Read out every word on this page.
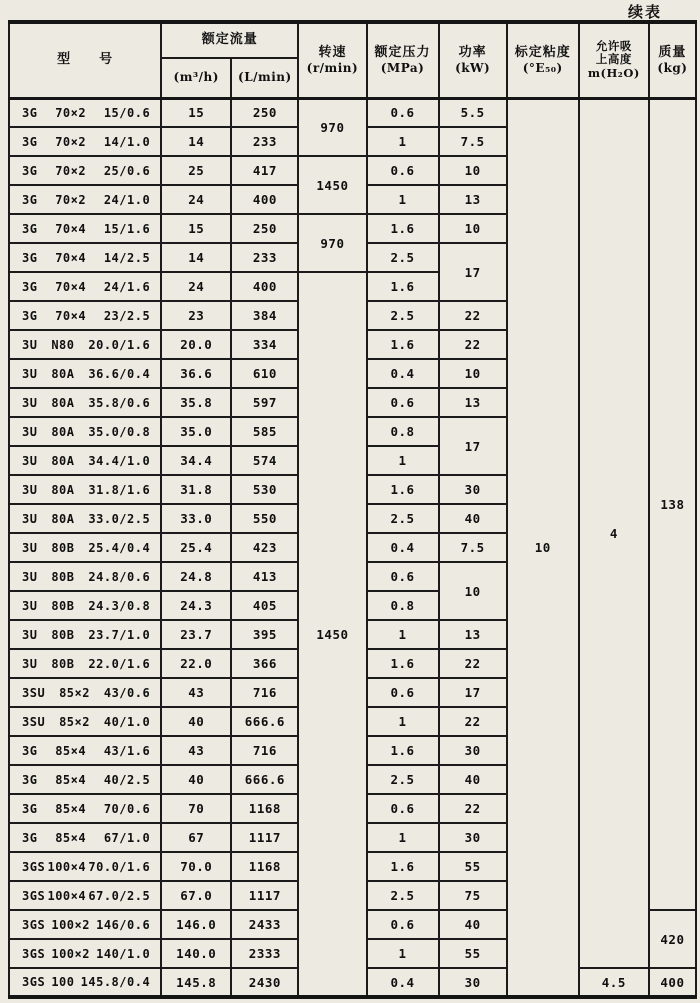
续表
型　　号

额定流量

转速
(r/min)

额定压力
(MPa)

功率
(kW)

标定粘度
(°E₅₀)

允许吸
上高度
m(H₂O)

质量
(kg)

	(m³/h)	(L/min)						

3G 70×2 15/0.6	15	250	970	0.6	5.5	10	4	138

3G 70×2 14/1.0	14	233		1	7.5			

3G 70×2 25/0.6	25	417	1450	0.6	10			

3G 70×2 24/1.0	24	400		1	13			

3G 70×4 15/1.6	15	250	970	1.6	10			

3G 70×4 14/2.5	14	233		2.5	17			

3G 70×4 24/1.6	24	400	1450	1.6				

3G 70×4 23/2.5	23	384		2.5	22			

3U N80 20.0/1.6	20.0	334		1.6	22			

3U 80A 36.6/0.4	36.6	610		0.4	10			

3U 80A 35.8/0.6	35.8	597		0.6	13			

3U 80A 35.0/0.8	35.0	585		0.8	17			

3U 80A 34.4/1.0	34.4	574		1				

3U 80A 31.8/1.6	31.8	530		1.6	30			

3U 80A 33.0/2.5	33.0	550		2.5	40			

3U 80B 25.4/0.4	25.4	423		0.4	7.5			

3U 80B 24.8/0.6	24.8	413		0.6	10			

3U 80B 24.3/0.8	24.3	405		0.8				

3U 80B 23.7/1.0	23.7	395		1	13			

3U 80B 22.0/1.6	22.0	366		1.6	22			

3SU 85×2 43/0.6	43	716		0.6	17			

3SU 85×2 40/1.0	40	666.6		1	22			

3G 85×4 43/1.6	43	716		1.6	30			

3G 85×4 40/2.5	40	666.6		2.5	40			

3G 85×4 70/0.6	70	1168		0.6	22			

3G 85×4 67/1.0	67	1117		1	30			

3GS 100×4 70.0/1.6	70.0	1168		1.6	55			

3GS 100×4 67.0/2.5	67.0	1117		2.5	75			

3GS 100×2 146/0.6	146.0	2433		0.6	40			420

3GS 100×2 140/1.0	140.0	2333		1	55			

3GS 100 145.8/0.4	145.8	2430		0.4	30		4.5	400
